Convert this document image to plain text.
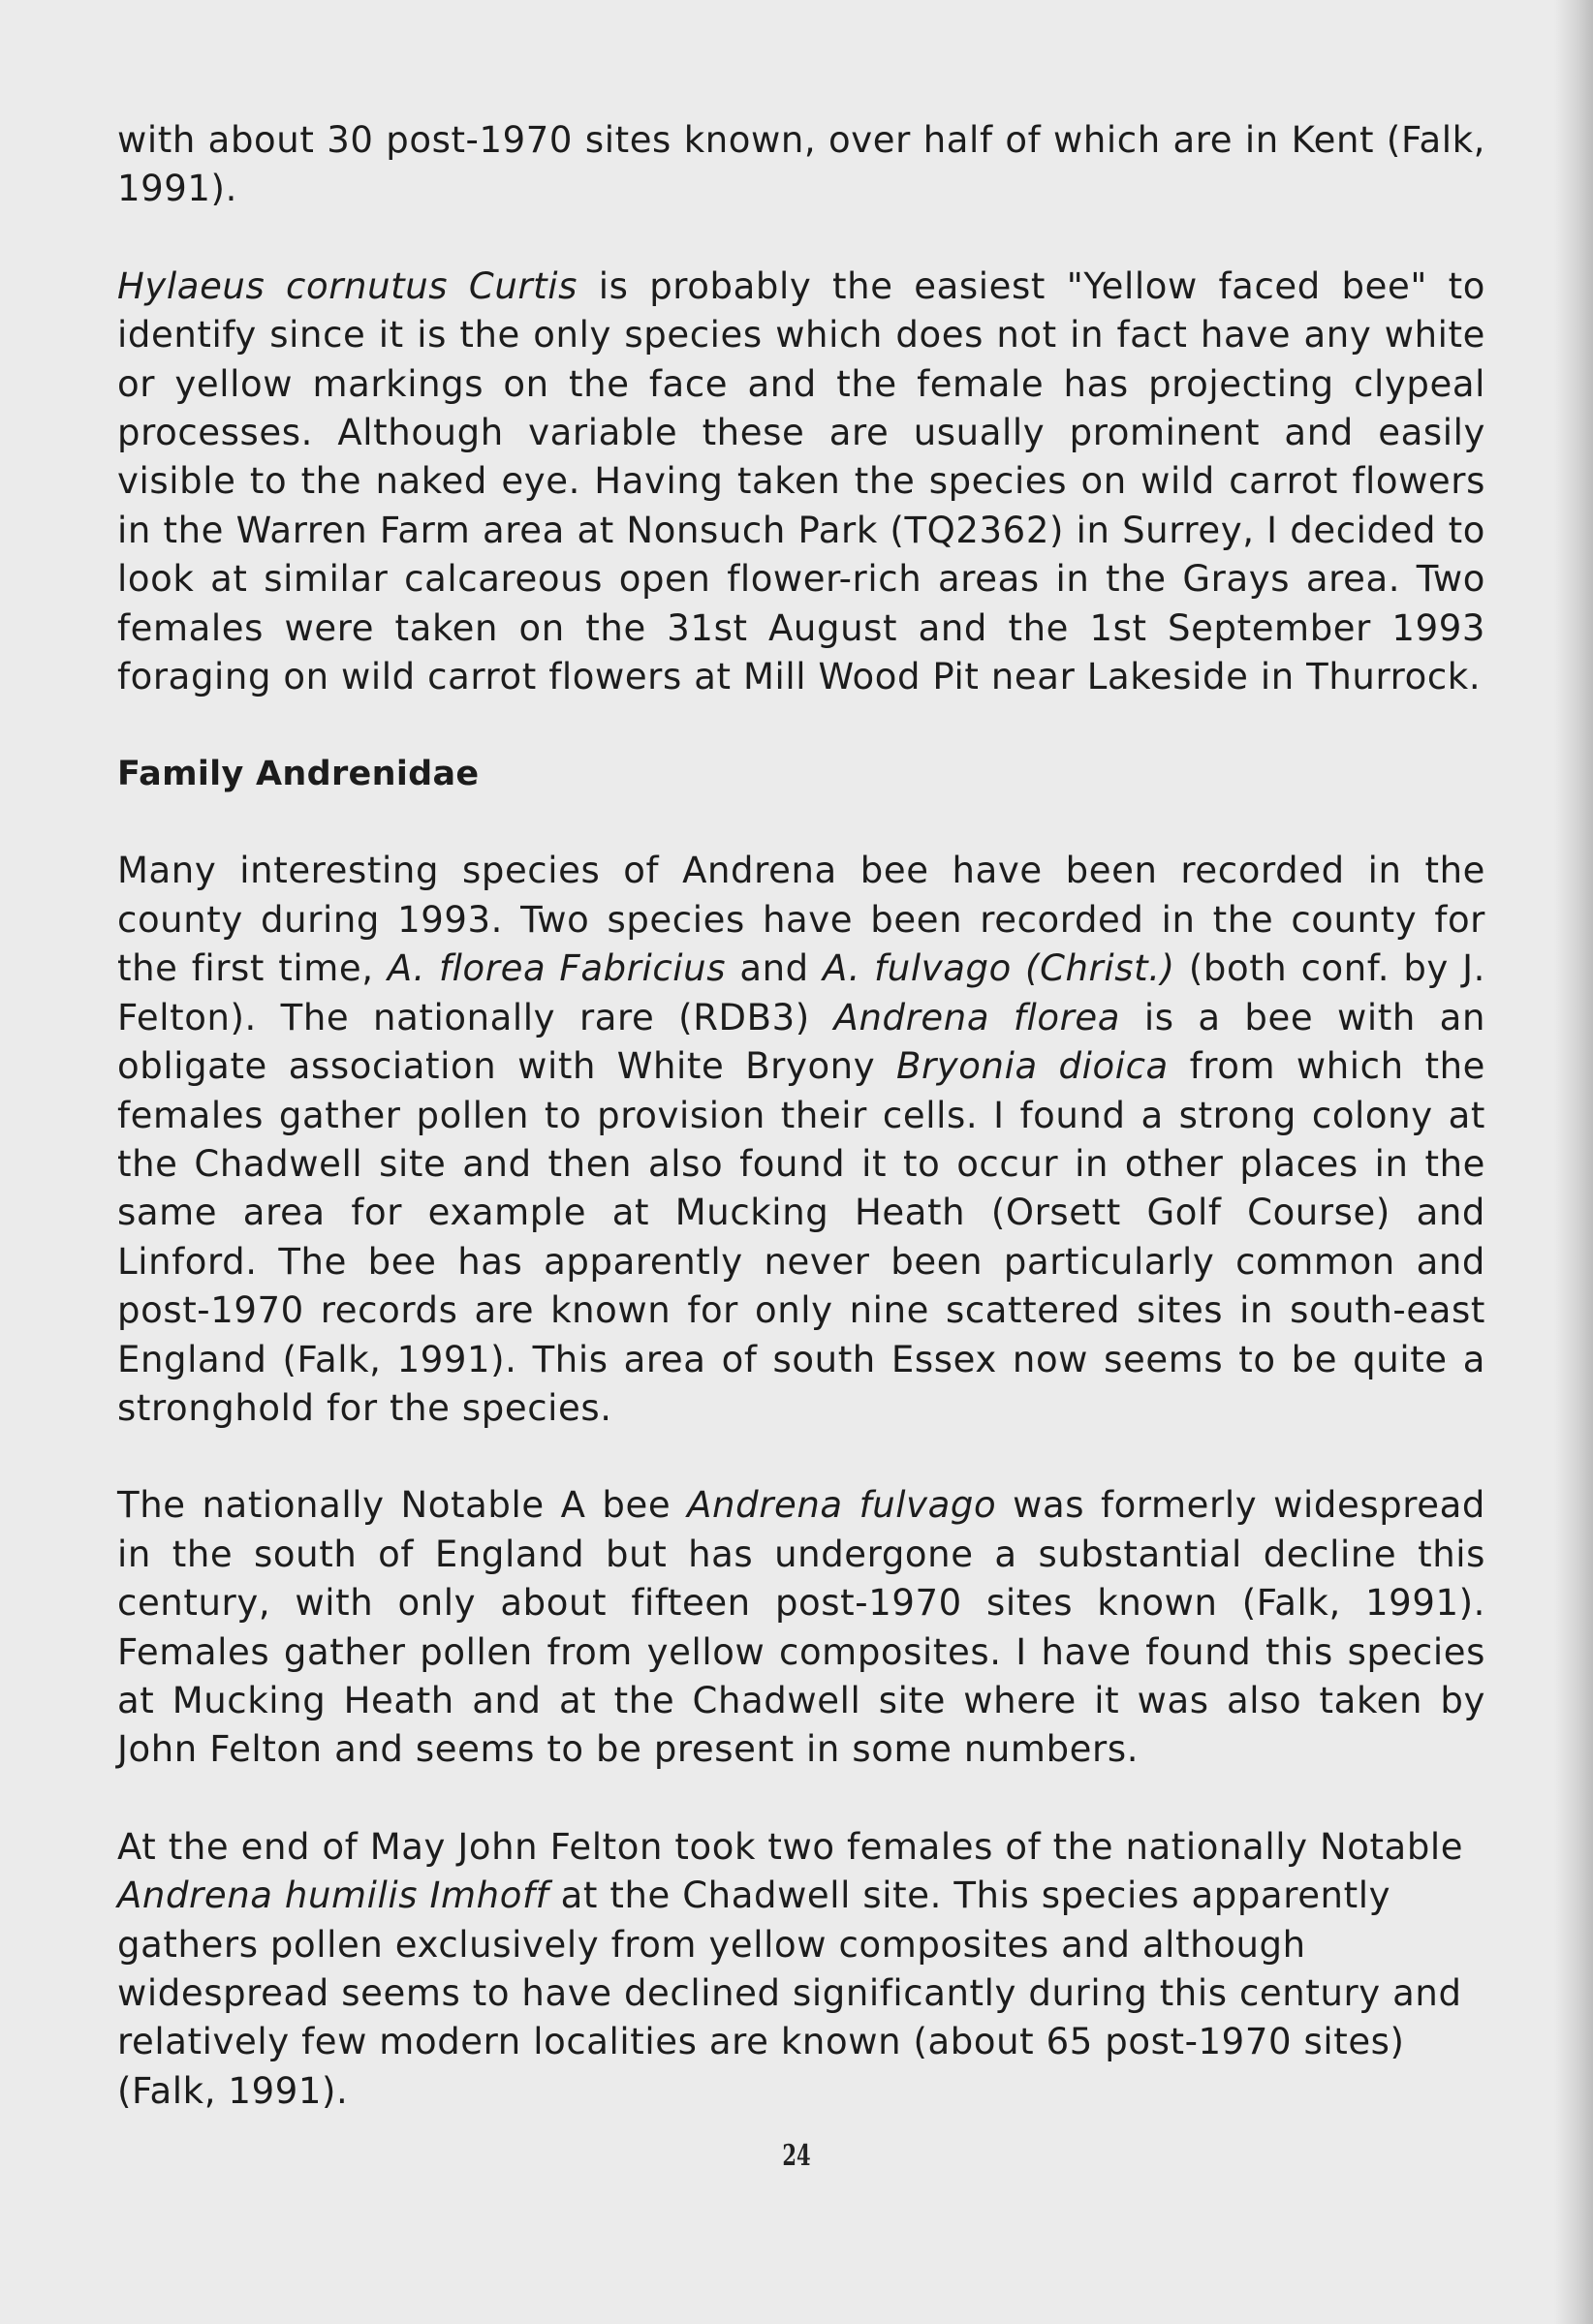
with about 30 post-1970 sites known, over half of which are in Kent (Falk, 1991).

Hylaeus cornutus Curtis is probably the easiest "Yellow faced bee" to identify since it is the only species which does not in fact have any white or yellow markings on the face and the female has projecting clypeal processes. Although variable these are usually prominent and easily visible to the naked eye. Having taken the species on wild carrot flowers in the Warren Farm area at Nonsuch Park (TQ2362) in Surrey, I decided to look at similar calcareous open flower-rich areas in the Grays area. Two females were taken on the 31st August and the 1st September 1993 foraging on wild carrot flowers at Mill Wood Pit near Lakeside in Thurrock.

Family Andrenidae

Many interesting species of Andrena bee have been recorded in the county during 1993. Two species have been recorded in the county for the first time, A. florea Fabricius and A. fulvago (Christ.) (both conf. by J. Felton). The nationally rare (RDB3) Andrena florea is a bee with an obligate association with White Bryony Bryonia dioica from which the females gather pollen to provision their cells. I found a strong colony at the Chadwell site and then also found it to occur in other places in the same area for example at Mucking Heath (Orsett Golf Course) and Linford. The bee has apparently never been particularly common and post-1970 records are known for only nine scattered sites in south-east England (Falk, 1991). This area of south Essex now seems to be quite a stronghold for the species.

The nationally Notable A bee Andrena fulvago was formerly widespread in the south of England but has undergone a substantial decline this century, with only about fifteen post-1970 sites known (Falk, 1991). Females gather pollen from yellow composites. I have found this species at Mucking Heath and at the Chadwell site where it was also taken by John Felton and seems to be present in some numbers.

At the end of May John Felton took two females of the nationally Notable Andrena humilis Imhoff at the Chadwell site. This species apparently gathers pollen exclusively from yellow composites and although widespread seems to have declined significantly during this century and relatively few modern localities are known (about 65 post-1970 sites) (Falk, 1991).

24
